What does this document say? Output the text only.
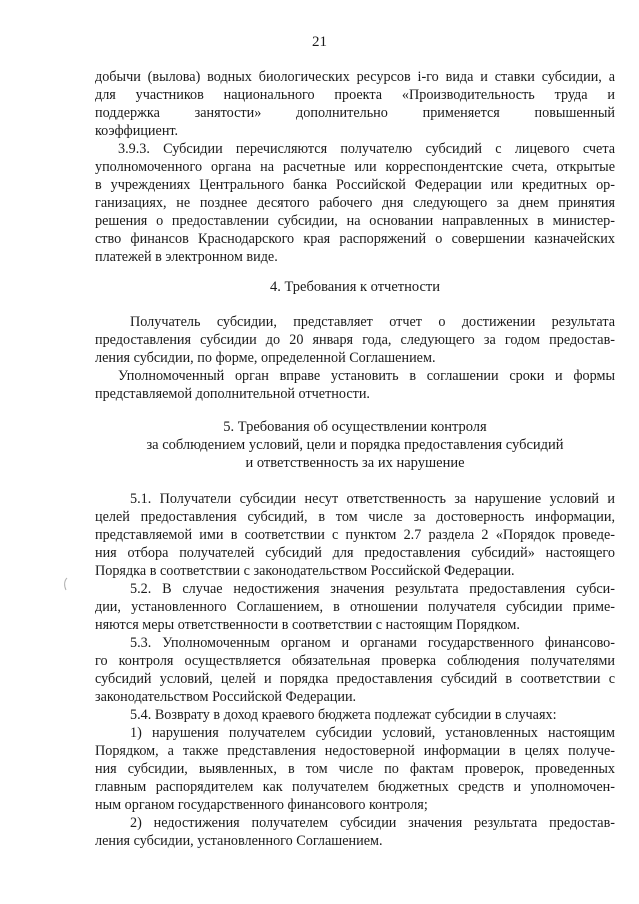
21
добычи (вылова) водных биологических ресурсов i-го вида и ставки субсидии, а
для участников национального проекта «Производительность труда и
поддержка занятости» дополнительно применяется повышенный
коэффициент.
3.9.3. Субсидии перечисляются получателю субсидий с лицевого счета
уполномоченного органа на расчетные или корреспондентские счета, открытые
в учреждениях Центрального банка Российской Федерации или кредитных ор-
ганизациях, не позднее десятого рабочего дня следующего за днем принятия
решения о предоставлении субсидии, на основании направленных в министер-
ство финансов Краснодарского края распоряжений о совершении казначейских
платежей в электронном виде.
4. Требования к отчетности
Получатель субсидии, представляет отчет о достижении результата
предоставления субсидии до 20 января года, следующего за годом предостав-
ления субсидии, по форме, определенной Соглашением.
Уполномоченный орган вправе установить в соглашении сроки и формы
представляемой дополнительной отчетности.
5. Требования об осуществлении контроля
за соблюдением условий, цели и порядка предоставления субсидий
и ответственность за их нарушение
5.1. Получатели субсидии несут ответственность за нарушение условий и
целей предоставления субсидий, в том числе за достоверность информации,
представляемой ими в соответствии с пунктом 2.7 раздела 2 «Порядок проведе-
ния отбора получателей субсидий для предоставления субсидий» настоящего
Порядка в соответствии с законодательством Российской Федерации.
5.2. В случае недостижения значения результата предоставления субси-
дии, установленного Соглашением, в отношении получателя субсидии приме-
няются меры ответственности в соответствии с настоящим Порядком.
5.3. Уполномоченным органом и органами государственного финансово-
го контроля осуществляется обязательная проверка соблюдения получателями
субсидий условий, целей и порядка предоставления субсидий в соответствии с
законодательством Российской Федерации.
5.4. Возврату в доход краевого бюджета подлежат субсидии в случаях:
1) нарушения получателем субсидии условий, установленных настоящим
Порядком, а также представления недостоверной информации в целях получе-
ния субсидии, выявленных, в том числе по фактам проверок, проведенных
главным распорядителем как получателем бюджетных средств и уполномочен-
ным органом государственного финансового контроля;
2) недостижения получателем субсидии значения результата предостав-
ления субсидии, установленного Соглашением.
